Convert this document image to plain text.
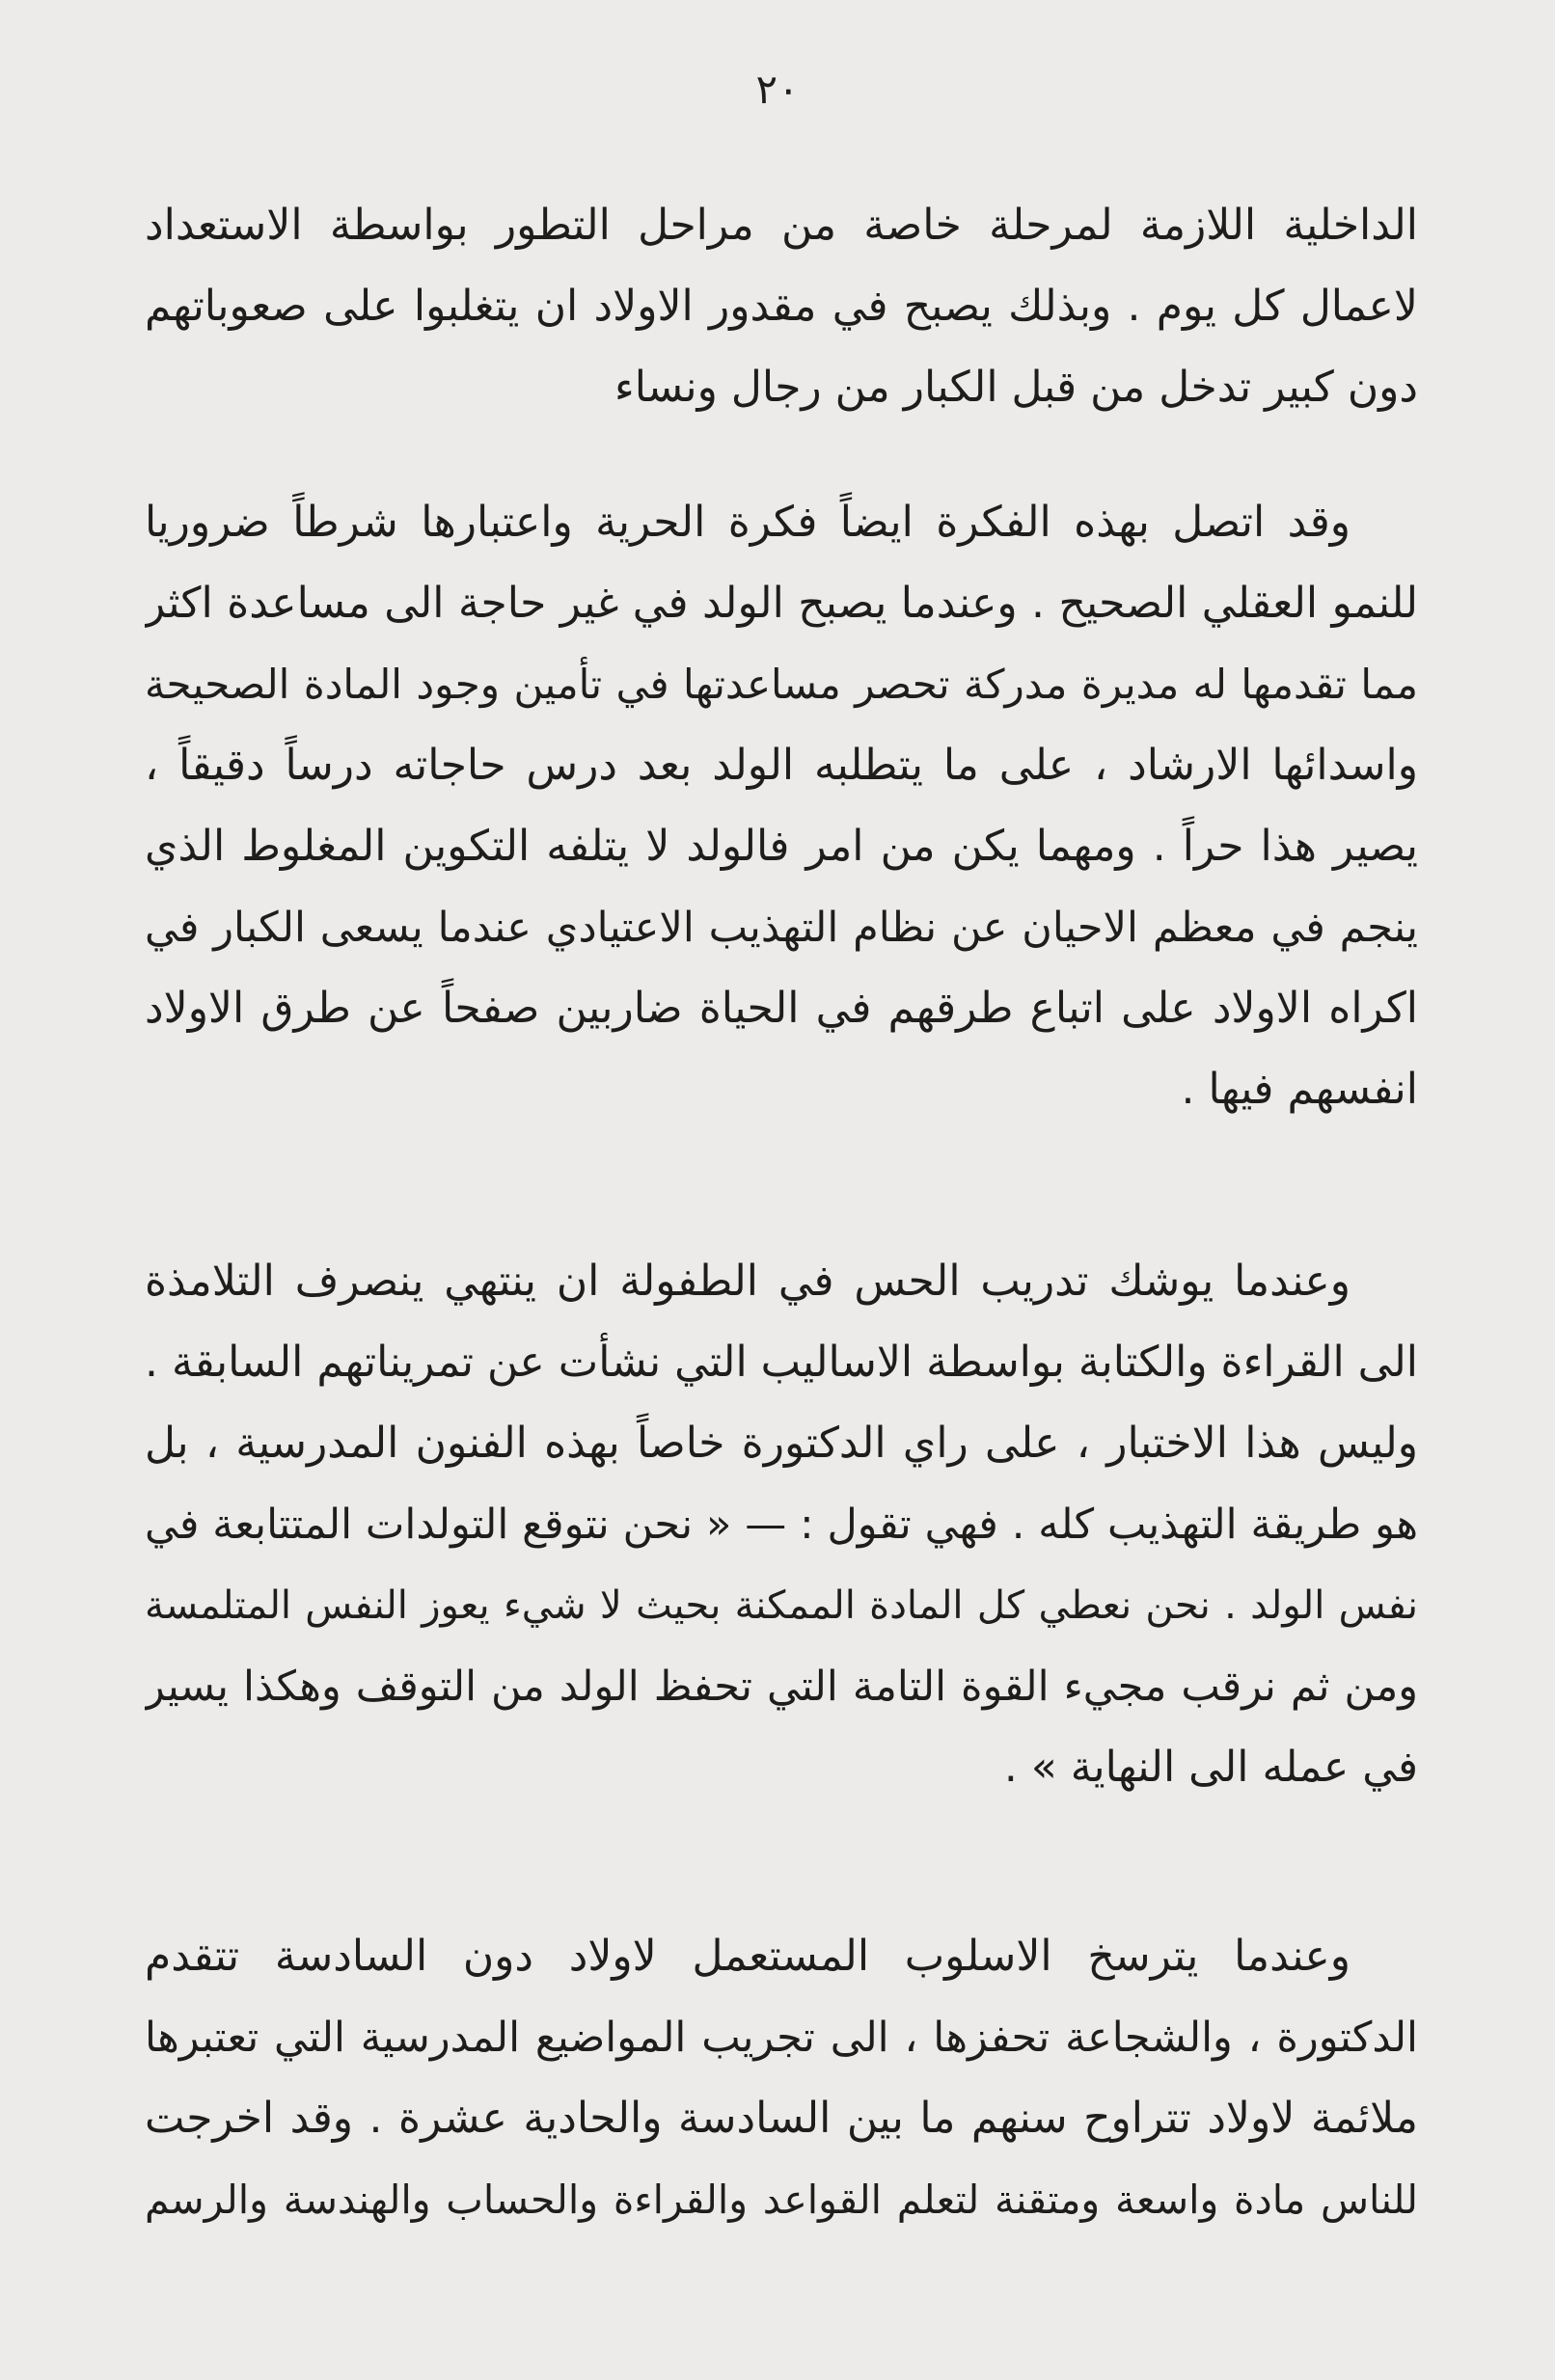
٢٠
الداخلية اللازمة لمرحلة خاصة من مراحل التطور بواسطة الاستعداد
لاعمال كل يوم . وبذلك يصبح في مقدور الاولاد ان يتغلبوا على صعوباتهم
دون كبير تدخل من قبل الكبار من رجال ونساء
وقد اتصل بهذه الفكرة ايضاً فكرة الحرية واعتبارها شرطاً ضروريا
للنمو العقلي الصحيح . وعندما يصبح الولد في غير حاجة الى مساعدة اكثر
مما تقدمها له مديرة مدركة تحصر مساعدتها في تأمين وجود المادة الصحيحة
واسدائها الارشاد ، على ما يتطلبه الولد بعد درس حاجاته درساً دقيقاً ،
يصير هذا حراً . ومهما يكن من امر فالولد لا يتلفه التكوين المغلوط الذي
ينجم في معظم الاحيان عن نظام التهذيب الاعتيادي عندما يسعى الكبار في
اكراه الاولاد على اتباع طرقهم في الحياة ضاربين صفحاً عن طرق الاولاد
انفسهم فيها .
وعندما يوشك تدريب الحس في الطفولة ان ينتهي ينصرف التلامذة
الى القراءة والكتابة بواسطة الاساليب التي نشأت عن تمريناتهم السابقة .
وليس هذا الاختبار ، على راي الدكتورة خاصاً بهذه الفنون المدرسية ، بل
هو طريقة التهذيب كله . فهي تقول : — « نحن نتوقع التولدات المتتابعة في
نفس الولد . نحن نعطي كل المادة الممكنة بحيث لا شيء يعوز النفس المتلمسة
ومن ثم نرقب مجيء القوة التامة التي تحفظ الولد من التوقف وهكذا يسير
في عمله الى النهاية » .
وعندما يترسخ الاسلوب المستعمل لاولاد دون السادسة تتقدم
الدكتورة ، والشجاعة تحفزها ، الى تجريب المواضيع المدرسية التي تعتبرها
ملائمة لاولاد تتراوح سنهم ما بين السادسة والحادية عشرة . وقد اخرجت
للناس مادة واسعة ومتقنة لتعلم القواعد والقراءة والحساب والهندسة والرسم
